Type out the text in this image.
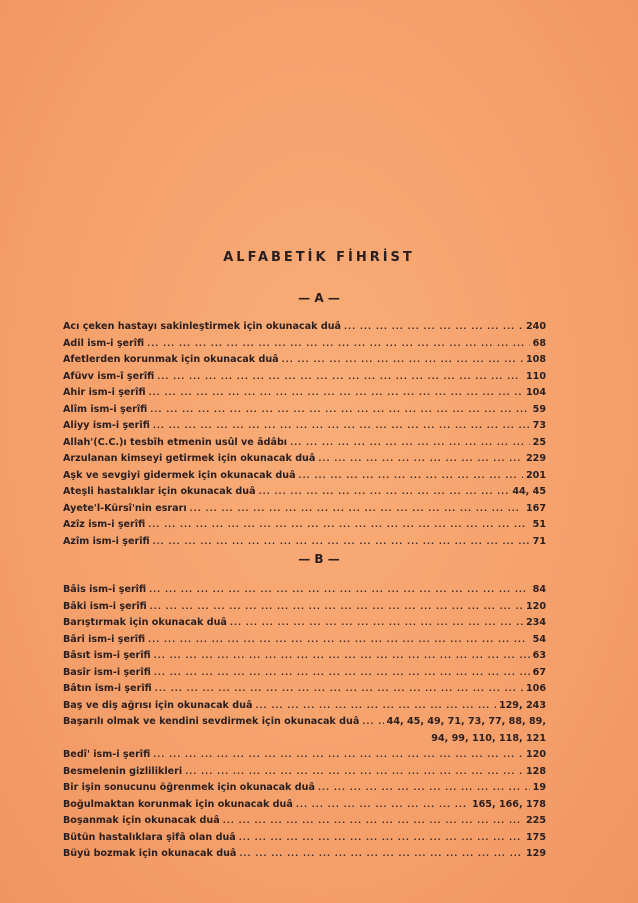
ALFABETİK FİHRİST
— A —
Acı çeken hastayı sakinleştirmek için okunacak duâ ... .	240
Âdil ism-i şerîfi ... .	68
Âfetlerden korunmak için okunacak duâ ... .	108
Afüvv ism-î şerîfi ... .	110
Âhir ism-i şerîfi ... .	104
Alîm ism-i şerîfi ... .	59
Aliyy ism-i şerîfi ... .	73
Allah'(C.C.)ı tesbîh etmenin usûl ve âdâbı ... .	25
Arzulanan kimseyi getirmek için okunacak duâ ... .	229
Aşk ve sevgiyi gidermek için okunacak duâ ... .	201
Ateşli hastalıklar için okunacak duâ ... .	44, 45
Âyete'l-Kürsî'nin esrarı ... .	167
Azîz ism-i şerîfi ... .	51
Azîm ism-i şerîfi ... .	71
— B —
Bâis ism-i şerîfi ... .	84
Bâki ism-i şerîfi ... .	120
Barıştırmak için okunacak duâ ... .	234
Bâri ism-i şerîfi ... .	54
Bâsıt ism-i şerîfi ... .	63
Basîr ism-i şerîfi ... .	67
Bâtın ism-i şerîfi ... .	106
Baş ve diş ağrısı için okunacak duâ ... .	129, 243
Başarılı olmak ve kendini sevdirmek için okunacak duâ ... .	44, 45, 49, 71, 73, 77, 88, 89,
94, 99, 110, 118, 121
Bedî' ism-i şerîfi ... .	120
Besmelenin gizlilikleri ... .	128
Bir işin sonucunu öğrenmek için okunacak duâ ... .	19
Boğulmaktan korunmak için okunacak duâ ... .	165, 166, 178
Boşanmak için okunacak duâ ... .	225
Bütün hastalıklara şifâ olan duâ ... .	175
Büyü bozmak için okunacak duâ ... .	129
